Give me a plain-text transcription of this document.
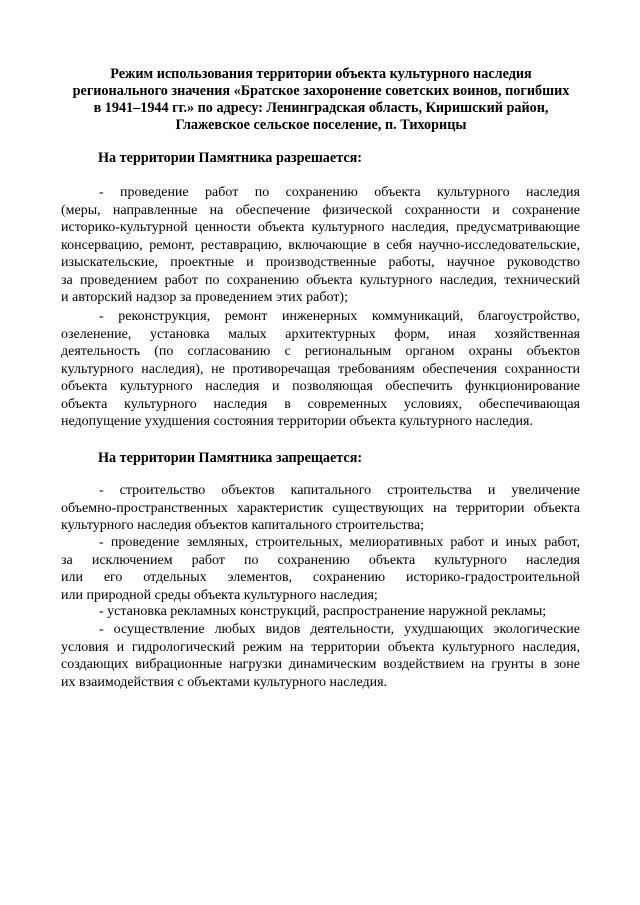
Режим использования территории объекта культурного наследия
регионального значения «Братское захоронение советских воинов, погибших
в 1941–1944 гг.» по адресу: Ленинградская область, Киришский район,
Глажевское сельское поселение, п. Тихорицы
На территории Памятника разрешается:
- проведение работ по сохранению объекта культурного наследия
(меры, направленные на обеспечение физической сохранности и сохранение
историко-культурной ценности объекта культурного наследия, предусматривающие
консервацию, ремонт, реставрацию, включающие в себя научно-исследовательские,
изыскательские, проектные и производственные работы, научное руководство
за проведением работ по сохранению объекта культурного наследия, технический
и авторский надзор за проведением этих работ);
- реконструкция, ремонт инженерных коммуникаций, благоустройство,
озеленение, установка малых архитектурных форм, иная хозяйственная
деятельность (по согласованию с региональным органом охраны объектов
культурного наследия), не противоречащая требованиям обеспечения сохранности
объекта культурного наследия и позволяющая обеспечить функционирование
объекта культурного наследия в современных условиях, обеспечивающая
недопущение ухудшения состояния территории объекта культурного наследия.
На территории Памятника запрещается:
- строительство объектов капитального строительства и увеличение
объемно-пространственных характеристик существующих на территории объекта
культурного наследия объектов капитального строительства;
- проведение земляных, строительных, мелиоративных работ и иных работ,
за исключением работ по сохранению объекта культурного наследия
или его отдельных элементов, сохранению историко-градостроительной
или природной среды объекта культурного наследия;
- установка рекламных конструкций, распространение наружной рекламы;
- осуществление любых видов деятельности, ухудшающих экологические
условия и гидрологический режим на территории объекта культурного наследия,
создающих вибрационные нагрузки динамическим воздействием на грунты в зоне
их взаимодействия с объектами культурного наследия.
